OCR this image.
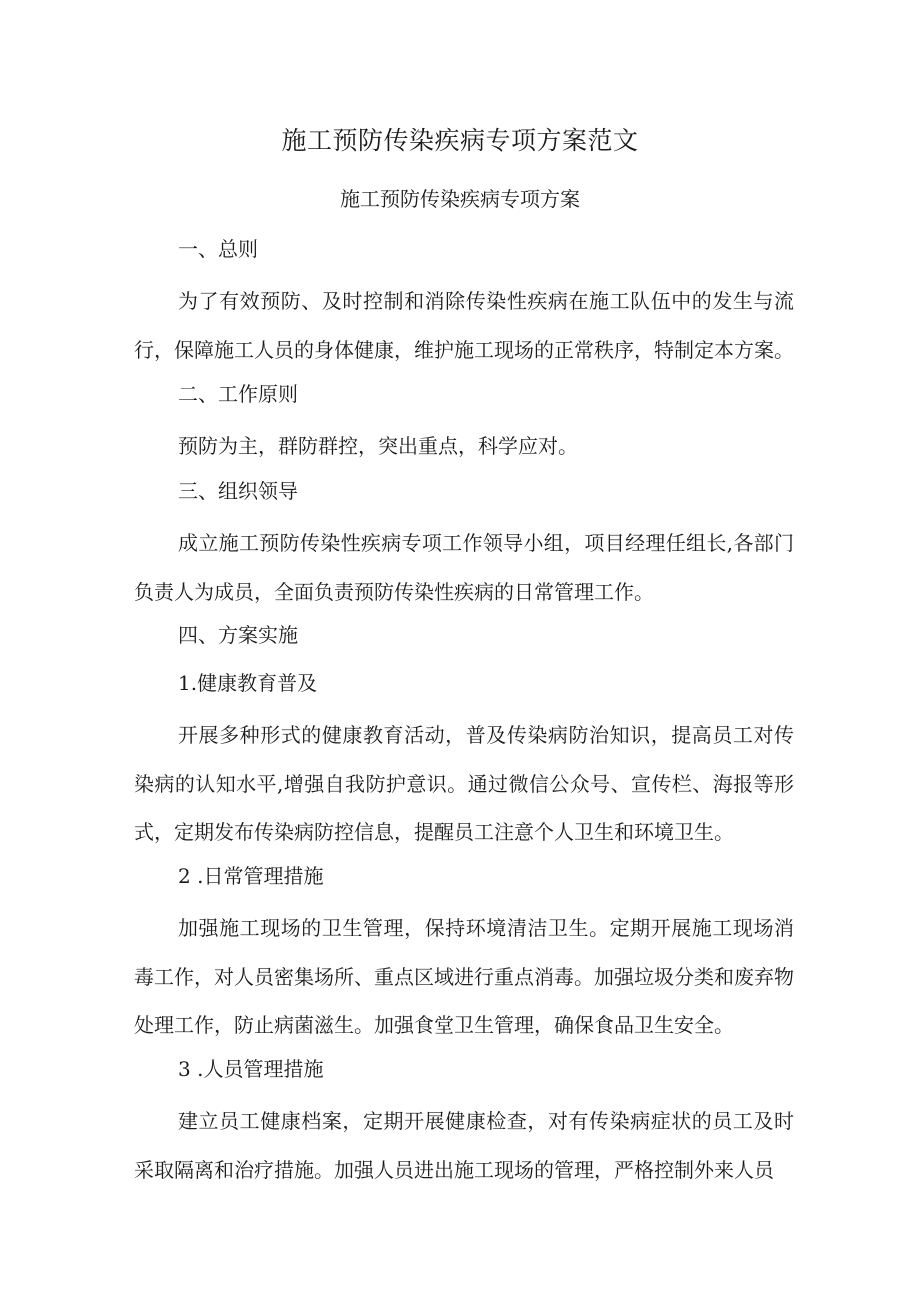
施工预防传染疾病专项方案范文
施工预防传染疾病专项方案
一、总则

为了有效预防、及时控制和消除传染性疾病在施工队伍中的发生与流行，保障施工人员的身体健康，维护施工现场的正常秩序，特制定本方案。

二、工作原则

预防为主，群防群控，突出重点，科学应对。

三、组织领导

成立施工预防传染性疾病专项工作领导小组，项目经理任组长,各部门负责人为成员，全面负责预防传染性疾病的日常管理工作。

四、方案实施
1.健康教育普及

开展多种形式的健康教育活动，普及传染病防治知识，提高员工对传染病的认知水平,增强自我防护意识。通过微信公众号、宣传栏、海报等形式，定期发布传染病防控信息，提醒员工注意个人卫生和环境卫生。

2 .日常管理措施

加强施工现场的卫生管理，保持环境清洁卫生。定期开展施工现场消毒工作，对人员密集场所、重点区域进行重点消毒。加强垃圾分类和废弃物处理工作，防止病菌滋生。加强食堂卫生管理，确保食品卫生安全。

3 .人员管理措施

建立员工健康档案，定期开展健康检查，对有传染病症状的员工及时采取隔离和治疗措施。加强人员进出施工现场的管理，严格控制外来人员
